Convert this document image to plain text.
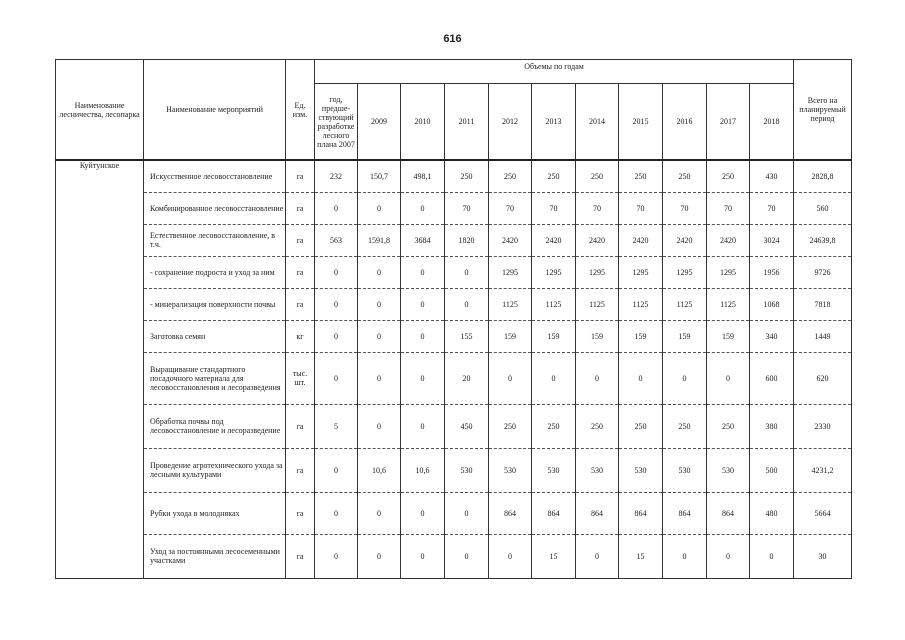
616
Наименование лесничества, лесопарка	Наименование мероприятий	Ед. изм.	Объемы по годам											Всего на планируемый период
			год, предше-ствующий разработке лесного плана 2007	2009	2010	2011	2012	2013	2014	2015	2016	2017	2018	
Куйтунское	Искусственное лесовосстановление	га	232	150,7	498,1	250	250	250	250	250	250	250	430	2828,8
	Комбинированное лесовосстановление	га	0	0	0	70	70	70	70	70	70	70	70	560
	Естественное лесовосстановление, в т.ч.	га	563	1591,8	3684	1820	2420	2420	2420	2420	2420	2420	3024	24639,8
	- сохранение подроста и уход за ним	га	0	0	0	0	1295	1295	1295	1295	1295	1295	1956	9726
	- минерализация поверхности почвы	га	0	0	0	0	1125	1125	1125	1125	1125	1125	1068	7818
	Заготовка семян	кг	0	0	0	155	159	159	159	159	159	159	340	1449
	Выращивание стандартного посадочного материала для лесовосстановления и лесоразведения	тыс. шт.	0	0	0	20	0	0	0	0	0	0	600	620
	Обработка почвы под лесовосстановление и лесоразведение	га	5	0	0	450	250	250	250	250	250	250	380	2330
	Проведение агротехнического ухода за лесными культурами	га	0	10,6	10,6	530	530	530	530	530	530	530	500	4231,2
	Рубки ухода в молодняках	га	0	0	0	0	864	864	864	864	864	864	480	5664
	Уход за постоянными лесосеменными участками	га	0	0	0	0	0	15	0	15	0	0	0	30
